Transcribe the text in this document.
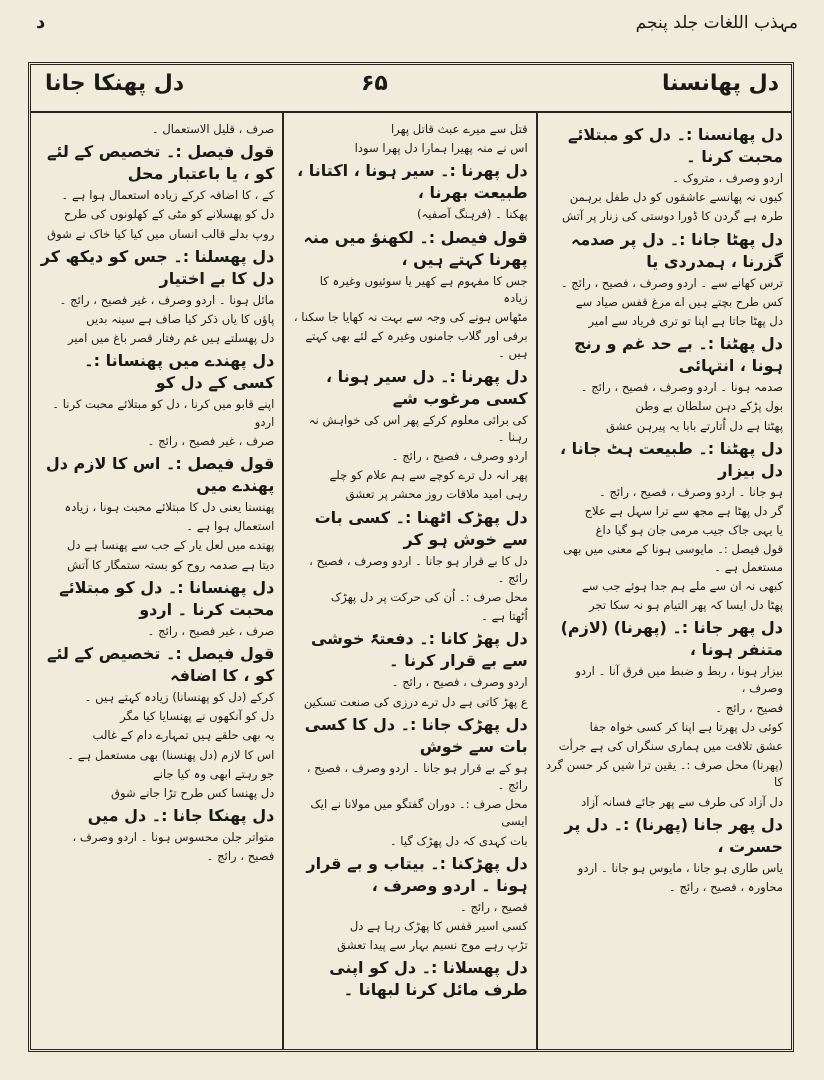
مہذب اللغات جلد پنجم
د
دل پھانسنا
۶۵
دل پھنکا جانا

دل پھانسنا :۔ دل کو مبتلائے محبت کرنا ۔

اردو وصرف ، متروک ۔

کیوں نہ پھانسے عاشقوں کو دل طفل برہمن

طرہ ہے گردن کا ڈورا دوستی کی زنار پر آتش

دل پھٹا جانا :۔ دل پر صدمہ گزرنا ، ہمدردی یا

ترس کھانے سے ۔ اردو وصرف ، فصیح ، رائج ۔

کس طرح بچتے ہیں اے مرغ قفس صیاد سے

دل پھٹا جاتا ہے اپنا تو تری فریاد سے امیر

دل پھٹنا :۔ بے حد غم و رنج ہونا ، انتہائی

صدمہ ہونا ۔ اردو وصرف ، فصیح ، رائج ۔

بول پڑکے دہن سلطان بے وطن

پھٹتا ہے دل اُتارتے بابا یہ پیرہن عشق

دل پھٹنا :۔ طبیعت ہٹ جانا ، دل بیزار

ہو جانا ۔ اردو وصرف ، فصیح ، رائج ۔

گر دل پھٹا ہے مجھ سے ترا سہل ہے علاج

یا یہی جاک جیب مرمی جان ہو گیا داغ

قول فیصل :۔ مایوسی ہونا کے معنی میں بھی مستعمل ہے ۔

کبھی نہ ان سے ملے ہم جدا ہوئے جب سے

پھٹا دل ایسا کہ پھر التیام ہو نہ سکا تجر

دل پھر جانا :۔ (پھرنا) (لازم) متنفر ہونا ،

بیزار ہونا ، ربط و ضبط میں فرق آنا ۔ اردو وصرف ،

فصیح ، رائج ۔

کوئی دل پھرتا ہے اپنا کر کسی خواہ جفا

عشق تلافت میں ہماری سنگراں کی ہے جرأت

(پھرنا) محل صرف :۔ یقین ترا شیں کر حسن گرد کا

دل آزاد کی طرف سے پھر جائے فسانہ آزاد

دل پھر جانا (پھرنا) :۔ دل پر حسرت ،

یاس طاری ہو جانا ، مایوس ہو جانا ۔ اردو

محاورہ ، فصیح ، رائج ۔

قتل سے میرے عبث قاتل پھرا

اس نے منہ پھیرا ہمارا دل پھرا سودا

دل پھرنا :۔ سیر ہونا ، اکتانا ، طبیعت بھرنا ،

پھکنا ۔ (فرہنگ آصفیہ)

قول فیصل :۔ لکھنؤ میں منہ پھرنا کہتے ہیں ،

جس کا مفہوم ہے کھیر یا سوئیوں وغیرہ کا زیادہ

مٹھاس ہونے کی وجہ سے بہت نہ کھایا جا سکنا ،

برفی اور گلاب جامنوں وغیرہ کے لئے بھی کہتے ہیں ۔

دل پھرنا :۔ دل سیر ہونا ، کسی مرغوب شے

کی برائی معلوم کرکے پھر اس کی خواہش نہ رہنا ۔

اردو وصرف ، فصیح ، رائج ۔

پھر انہ دل ترے کوچے سے ہم علام کو چلے

رہی امید ملاقات روز محشر پر تعشق

دل پھڑک اٹھنا :۔ کسی بات سے خوش ہو کر

دل کا بے قرار ہو جانا ۔ اردو وصرف ، فصیح ، رائج ۔

محل صرف :۔ اُن کی حرکت پر دل پھڑک

اُٹھتا ہے ۔

دل پھڑ کانا :۔ دفعتہً خوشی سے بے قرار کرنا ۔

اردو وصرف ، فصیح ، رائج ۔

ع پھڑ کاتی ہے دل ترے درزی کی صنعت تسکین

دل پھڑک جانا :۔ دل کا کسی بات سے خوش

ہو کے بے قرار ہو جانا ۔ اردو وصرف ، فصیح ، رائج ۔

محل صرف :۔ دوران گفتگو میں مولانا نے ایک ایسی

بات کہدی کہ دل پھڑک گیا ۔

دل پھڑکنا :۔ بیتاب و بے قرار ہونا ۔ اردو وصرف ،

فصیح ، رائج ۔

کسی اسیر قفس کا پھڑک رہا ہے دل

تڑپ رہے موج نسیم بہار سے پیدا تعشق

دل پھسلانا :۔ دل کو اپنی طرف مائل کرنا لبھانا ۔

صرف ، قلیل الاستعمال ۔

قول فیصل :۔ تخصیص کے لئے کو ، یا باعتبار محل

کے ، کا اضافہ کرکے زیادہ استعمال ہوا ہے ۔

دل کو پھسلانے کو مٹی کے کھلونوں کی طرح

روپ بدلے قالب انساں میں کیا کیا خاک نے شوق

دل پھسلنا :۔ جس کو دیکھ کر دل کا بے اختیار

مائل ہونا ۔ اردو وصرف ، غیر فصیح ، رائج ۔

پاؤں کا یاں ذکر کیا صاف ہے سینہ بدیں

دل پھسلتے ہیں غم رفتار قصر باغ میں امیر

دل پھندے میں پھنسانا :۔ کسی کے دل کو

اپنے قابو میں کرنا ، دل کو مبتلائے محبت کرنا ۔ اردو

صرف ، غیر فصیح ، رائج ۔

قول فیصل :۔ اس کا لازم دل پھندے میں

پھنسنا یعنی دل کا مبتلائے محبت ہونا ، زیادہ

استعمال ہوا ہے ۔

پھندے میں لعل یار کے جب سے پھنسا ہے دل

دیتا ہے صدمہ روح کو بستہ ستمگار کا آتش

دل پھنسانا :۔ دل کو مبتلائے محبت کرنا ۔ اردو

صرف ، غیر فصیح ، رائج ۔

قول فیصل :۔ تخصیص کے لئے کو ، کا اضافہ

کرکے (دل کو پھنسانا) زیادہ کہتے ہیں ۔

دل کو آنکھوں نے پھنسایا کیا مگر

یہ بھی حلقے ہیں تمہارے دام کے غالب

اس کا لازم (دل پھنسنا) بھی مستعمل ہے ۔

جو رہتے ابھی وہ کیا جانے

دل پھنسا کس طرح تڑا جانے شوق

دل پھنکا جانا :۔ دل میں

متواتر جلن محسوس ہونا ۔ اردو وصرف ،

فصیح ، رائج ۔
